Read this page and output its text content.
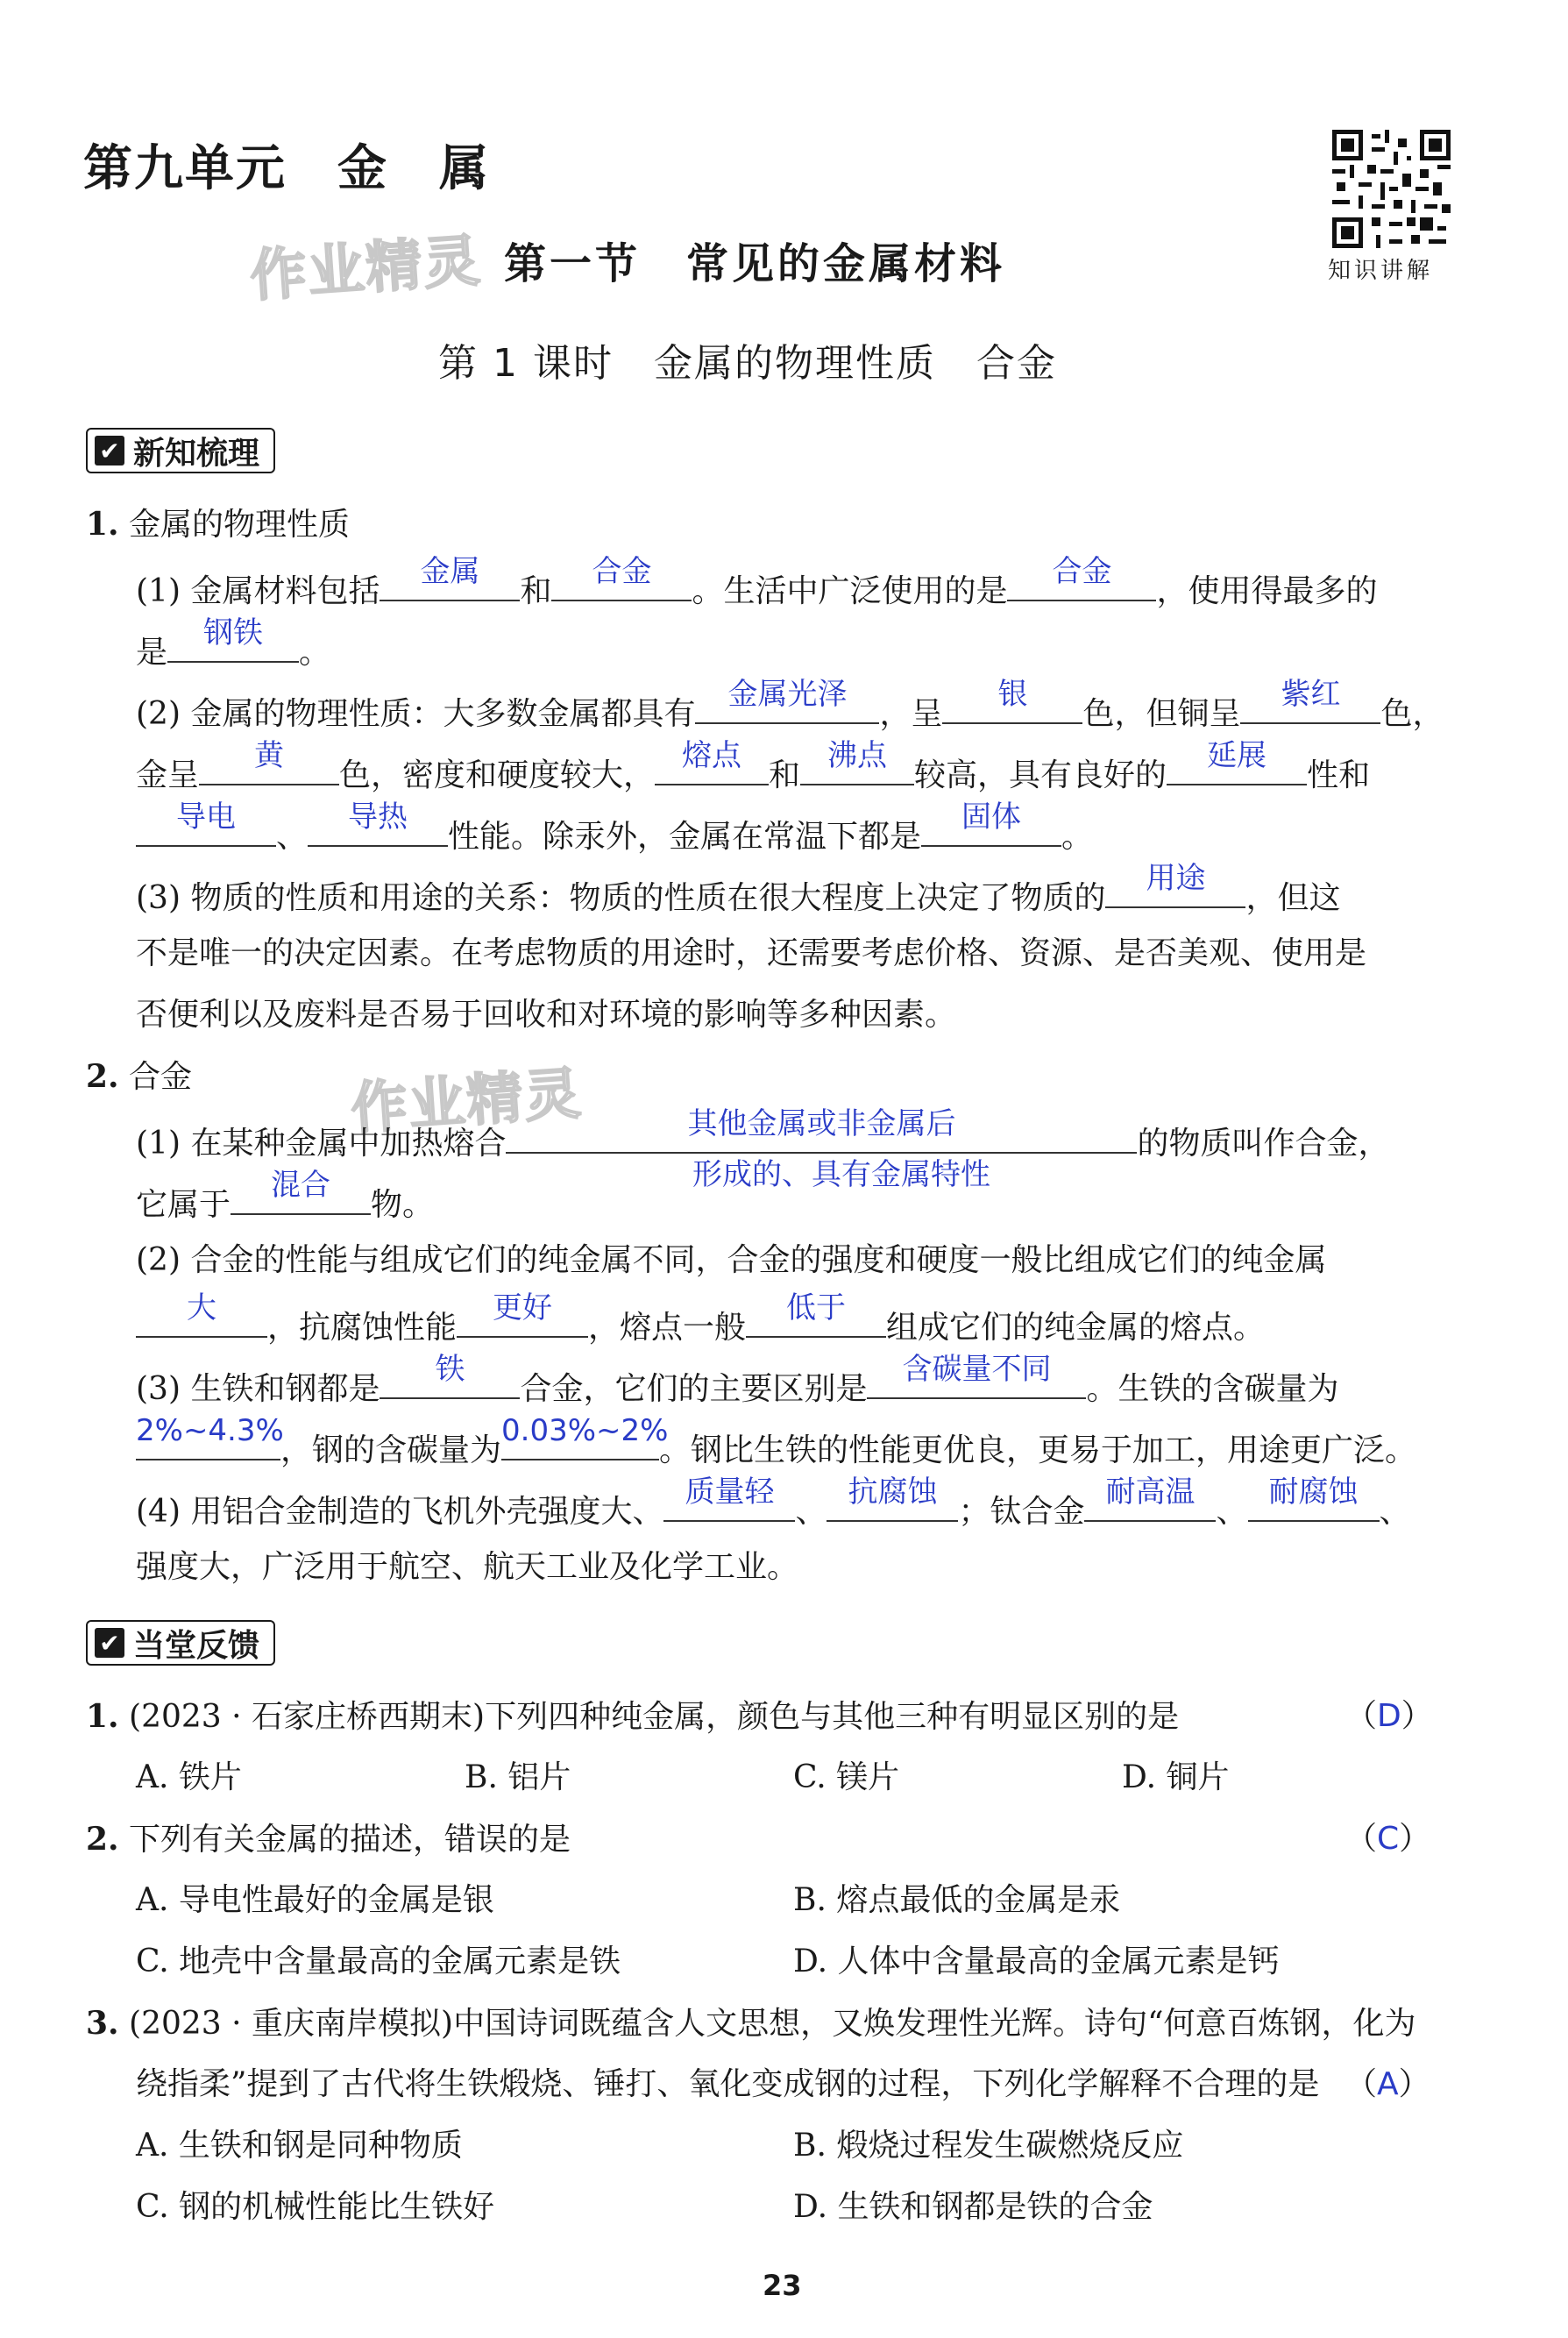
第九单元　金　属
知识讲解
作业精灵 第一节　常见的金属材料
第 1 课时　金属的物理性质　合金
✔ 新知梳理
1. 金属的物理性质
(1) 金属材料包括
金属
和
合金
。生活中广泛使用的是
合金
，使用得最多的
是
钢铁
。
(2) 金属的物理性质：大多数金属都具有
金属光泽
，呈
银
色，但铜呈
紫红
色，
金呈
黄
色，密度和硬度较大，
熔点
和
沸点
较高，具有良好的
延展
性和
导电
、
导热
性能。除汞外，金属在常温下都是
固体
。
(3) 物质的性质和用途的关系：物质的性质在很大程度上决定了物质的
用途
，但这
不是唯一的决定因素。在考虑物质的用途时，还需要考虑价格、资源、是否美观、使用是
否便利以及废料是否易于回收和对环境的影响等多种因素。
2. 合金	作业精灵
(1) 在某种金属中加热熔合
其他金属或非金属后
的物质叫作合金，
形成的、具有金属特性
它属于
混合
物。
(2) 合金的性能与组成它们的纯金属不同，合金的强度和硬度一般比组成它们的纯金属
大
，抗腐蚀性能
更好
，熔点一般
低于
组成它们的纯金属的熔点。
(3) 生铁和钢都是
铁
合金，它们的主要区别是
含碳量不同
。生铁的含碳量为
2%~4.3%
，钢的含碳量为
0.03%~2%
。钢比生铁的性能更优良，更易于加工，用途更广泛。
(4) 用铝合金制造的飞机外壳强度大、
质量轻
、
抗腐蚀
；钛合金
耐高温
、
耐腐蚀
、
强度大，广泛用于航空、航天工业及化学工业。
✔ 当堂反馈
1. (2023 · 石家庄桥西期末)下列四种纯金属，颜色与其他三种有明显区别的是	（D）
A. 铁片	B. 铝片	C. 镁片	D. 铜片
2. 下列有关金属的描述，错误的是	（C）
A. 导电性最好的金属是银	B. 熔点最低的金属是汞
C. 地壳中含量最高的金属元素是铁	D. 人体中含量最高的金属元素是钙
3. (2023 · 重庆南岸模拟)中国诗词既蕴含人文思想，又焕发理性光辉。诗句“何意百炼钢，化为
绕指柔”提到了古代将生铁煅烧、锤打、氧化变成钢的过程，下列化学解释不合理的是 （A）
A. 生铁和钢是同种物质	B. 煅烧过程发生碳燃烧反应
C. 钢的机械性能比生铁好	D. 生铁和钢都是铁的合金
23
